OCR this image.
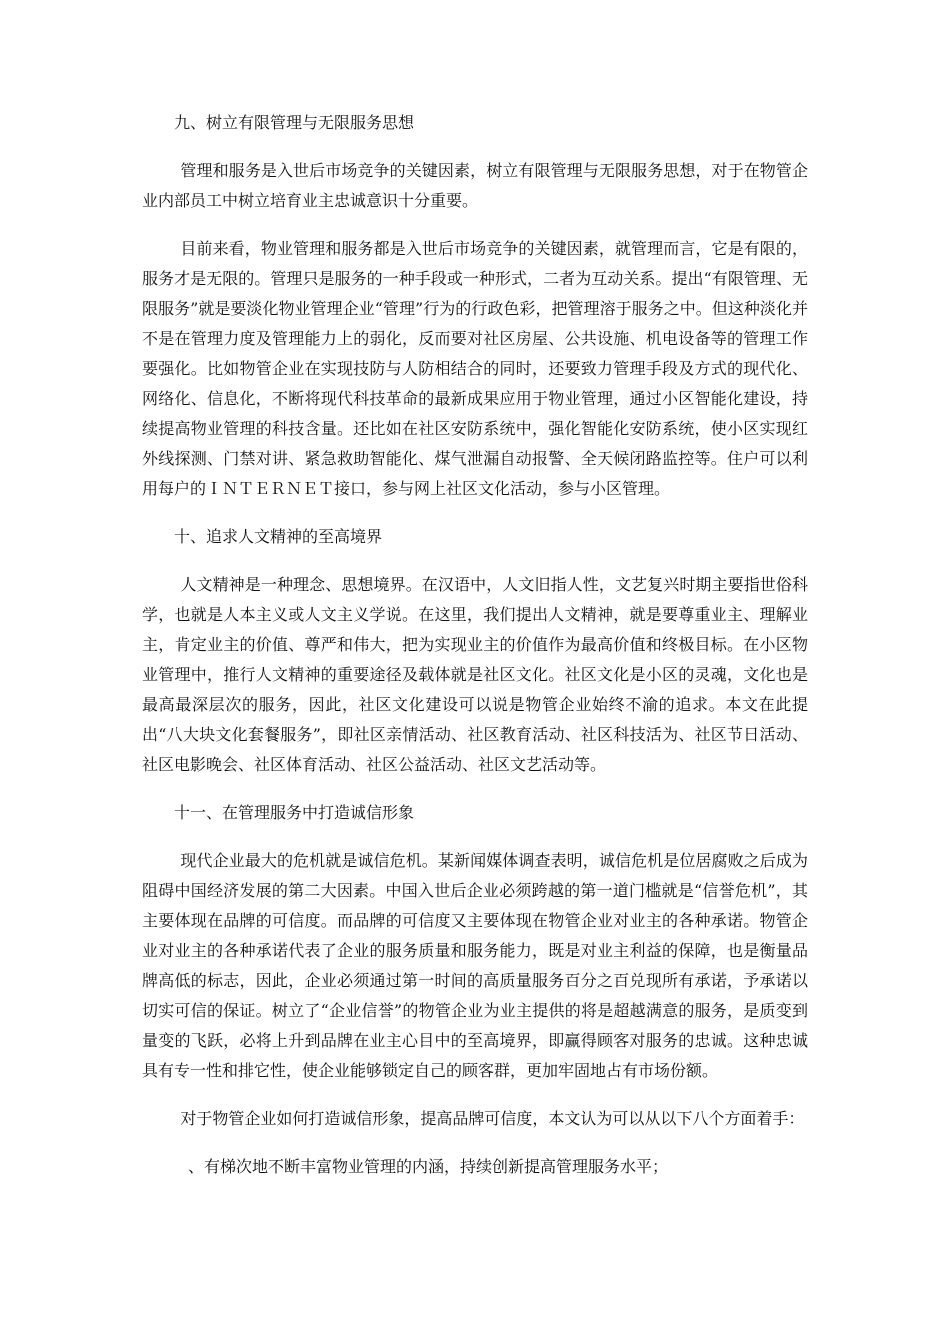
九、树立有限管理与无限服务思想

管理和服务是入世后市场竞争的关键因素，树立有限管理与无限服务思想，对于在物管企业内部员工中树立培育业主忠诚意识十分重要。

目前来看，物业管理和服务都是入世后市场竞争的关键因素，就管理而言，它是有限的，服务才是无限的。管理只是服务的一种手段或一种形式，二者为互动关系。提出“有限管理、无限服务”就是要淡化物业管理企业“管理”行为的行政色彩，把管理溶于服务之中。但这种淡化并不是在管理力度及管理能力上的弱化，反而要对社区房屋、公共设施、机电设备等的管理工作要强化。比如物管企业在实现技防与人防相结合的同时，还要致力管理手段及方式的现代化、网络化、信息化，不断将现代科技革命的最新成果应用于物业管理，通过小区智能化建设，持续提高物业管理的科技含量。还比如在社区安防系统中，强化智能化安防系统，使小区实现红外线探测、门禁对讲、紧急救助智能化、煤气泄漏自动报警、全天候闭路监控等。住户可以利用每户的ＩＮＴＥＲＮＥＴ接口，参与网上社区文化活动，参与小区管理。

十、追求人文精神的至高境界

人文精神是一种理念、思想境界。在汉语中，人文旧指人性，文艺复兴时期主要指世俗科学，也就是人本主义或人文主义学说。在这里，我们提出人文精神，就是要尊重业主、理解业主，肯定业主的价值、尊严和伟大，把为实现业主的价值作为最高价值和终极目标。在小区物业管理中，推行人文精神的重要途径及载体就是社区文化。社区文化是小区的灵魂，文化也是最高最深层次的服务，因此，社区文化建设可以说是物管企业始终不渝的追求。本文在此提出“八大块文化套餐服务”，即社区亲情活动、社区教育活动、社区科技活为、社区节日活动、社区电影晚会、社区体育活动、社区公益活动、社区文艺活动等。

十一、在管理服务中打造诚信形象

现代企业最大的危机就是诚信危机。某新闻媒体调查表明，诚信危机是位居腐败之后成为阻碍中国经济发展的第二大因素。中国入世后企业必须跨越的第一道门槛就是“信誉危机”，其主要体现在品牌的可信度。而品牌的可信度又主要体现在物管企业对业主的各种承诺。物管企业对业主的各种承诺代表了企业的服务质量和服务能力，既是对业主利益的保障，也是衡量品牌高低的标志，因此，企业必须通过第一时间的高质量服务百分之百兑现所有承诺，予承诺以切实可信的保证。树立了“企业信誉”的物管企业为业主提供的将是超越满意的服务，是质变到量变的飞跃，必将上升到品牌在业主心目中的至高境界，即赢得顾客对服务的忠诚。这种忠诚具有专一性和排它性，使企业能够锁定自己的顾客群，更加牢固地占有市场份额。

对于物管企业如何打造诚信形象，提高品牌可信度，本文认为可以从以下八个方面着手：

、有梯次地不断丰富物业管理的内涵，持续创新提高管理服务水平；
